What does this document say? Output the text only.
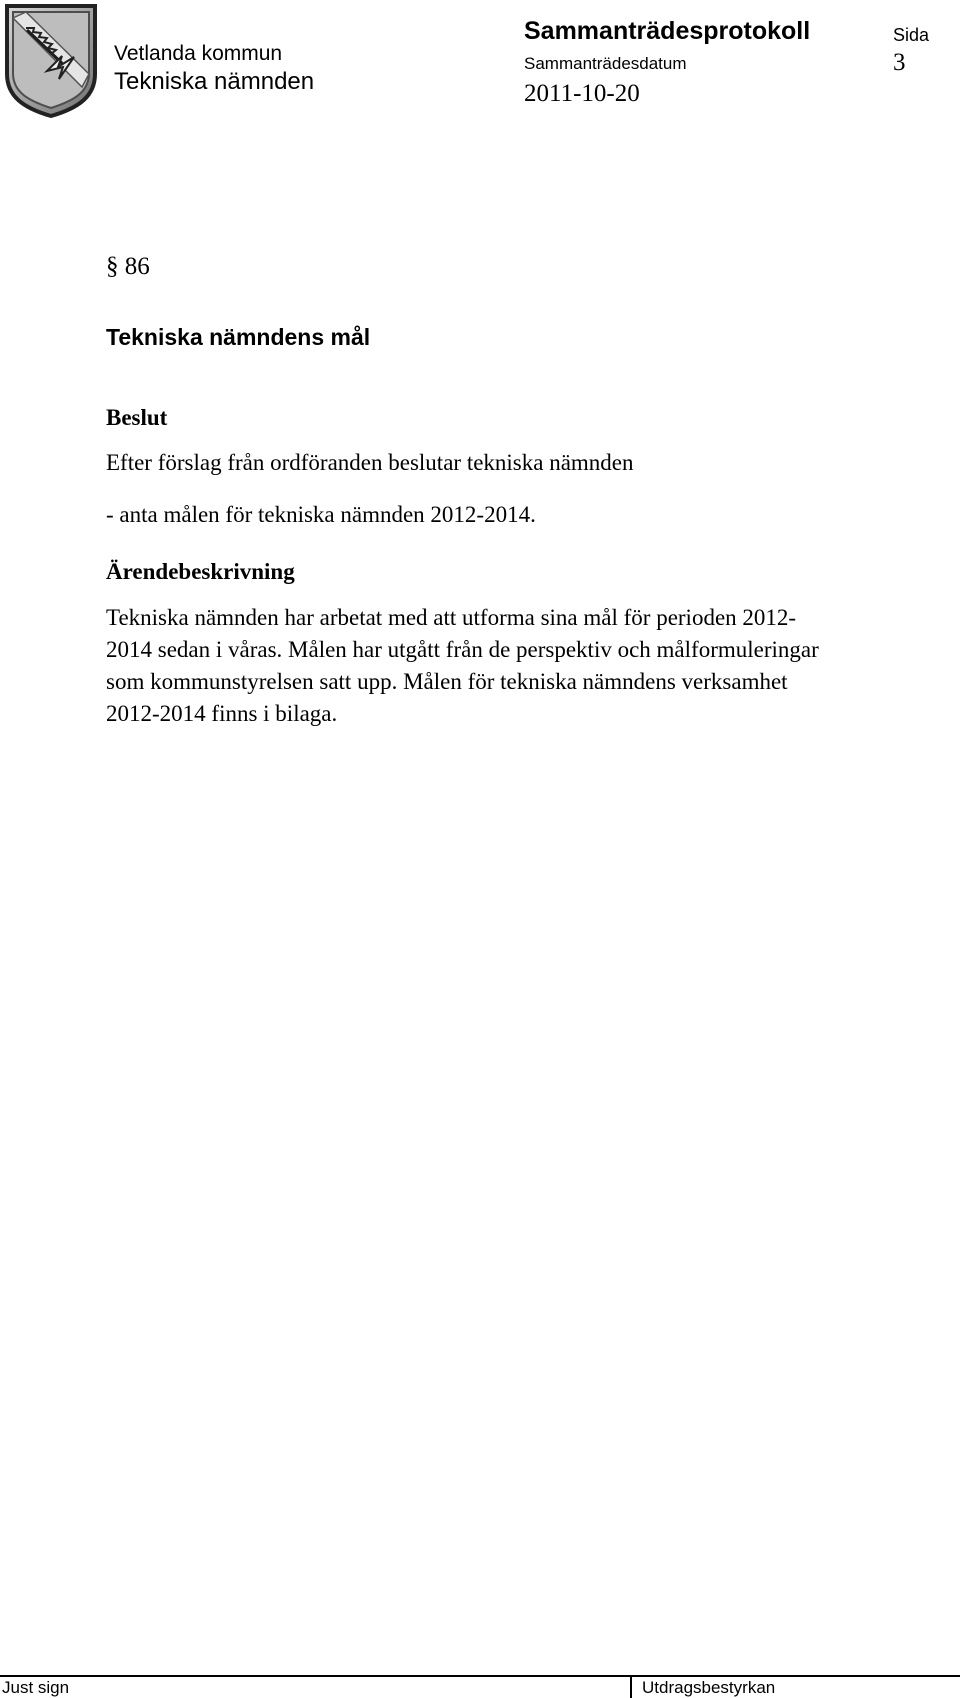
Vetlanda kommun
Tekniska nämnden
Sammanträdesprotokoll
Sammanträdesdatum
2011-10-20
Sida
3
§ 86
Tekniska nämndens mål
Beslut
Efter förslag från ordföranden beslutar tekniska nämnden
- anta målen för tekniska nämnden 2012-2014.
Ärendebeskrivning
Tekniska nämnden har arbetat med att utforma sina mål för perioden 2012-
2014 sedan i våras. Målen har utgått från de perspektiv och målformuleringar
som kommunstyrelsen satt upp. Målen för tekniska nämndens verksamhet
2012-2014 finns i bilaga.
Just sign	Utdragsbestyrkan
